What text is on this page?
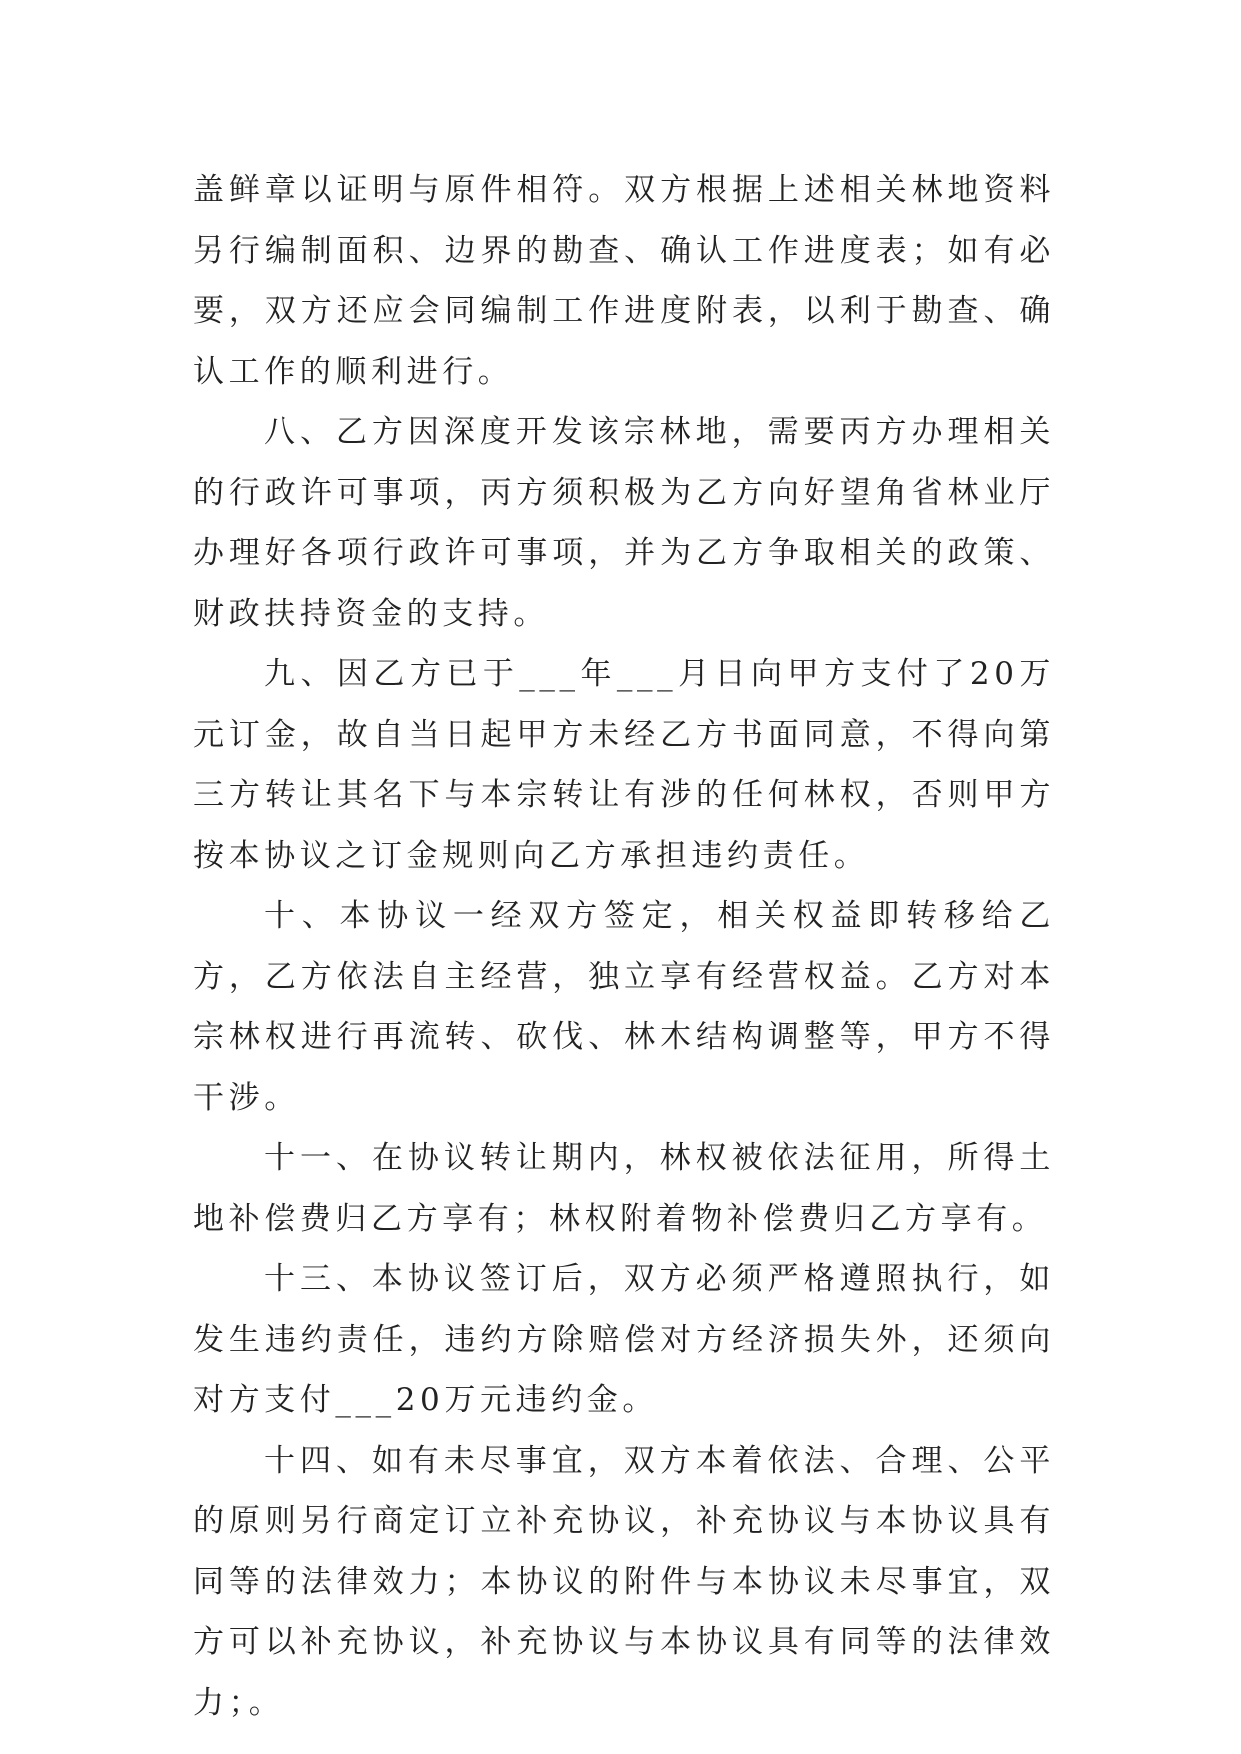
盖鲜章以证明与原件相符。双方根据上述相关林地资料另行编制面积、边界的勘查、确认工作进度表；如有必要，双方还应会同编制工作进度附表，以利于勘查、确认工作的顺利进行。

八、乙方因深度开发该宗林地，需要丙方办理相关的行政许可事项，丙方须积极为乙方向好望角省林业厅办理好各项行政许可事项，并为乙方争取相关的政策、财政扶持资金的支持。

九、因乙方已于___年___月日向甲方支付了20万元订金，故自当日起甲方未经乙方书面同意，不得向第三方转让其名下与本宗转让有涉的任何林权，否则甲方按本协议之订金规则向乙方承担违约责任。

十、本协议一经双方签定，相关权益即转移给乙方，乙方依法自主经营，独立享有经营权益。乙方对本宗林权进行再流转、砍伐、林木结构调整等，甲方不得干涉。

十一、在协议转让期内，林权被依法征用，所得土地补偿费归乙方享有；林权附着物补偿费归乙方享有。

十三、本协议签订后，双方必须严格遵照执行，如发生违约责任，违约方除赔偿对方经济损失外，还须向对方支付___20万元违约金。

十四、如有未尽事宜，双方本着依法、合理、公平的原则另行商定订立补充协议，补充协议与本协议具有同等的法律效力；本协议的附件与本协议未尽事宜，双方可以补充协议，补充协议与本协议具有同等的法律效力；。
